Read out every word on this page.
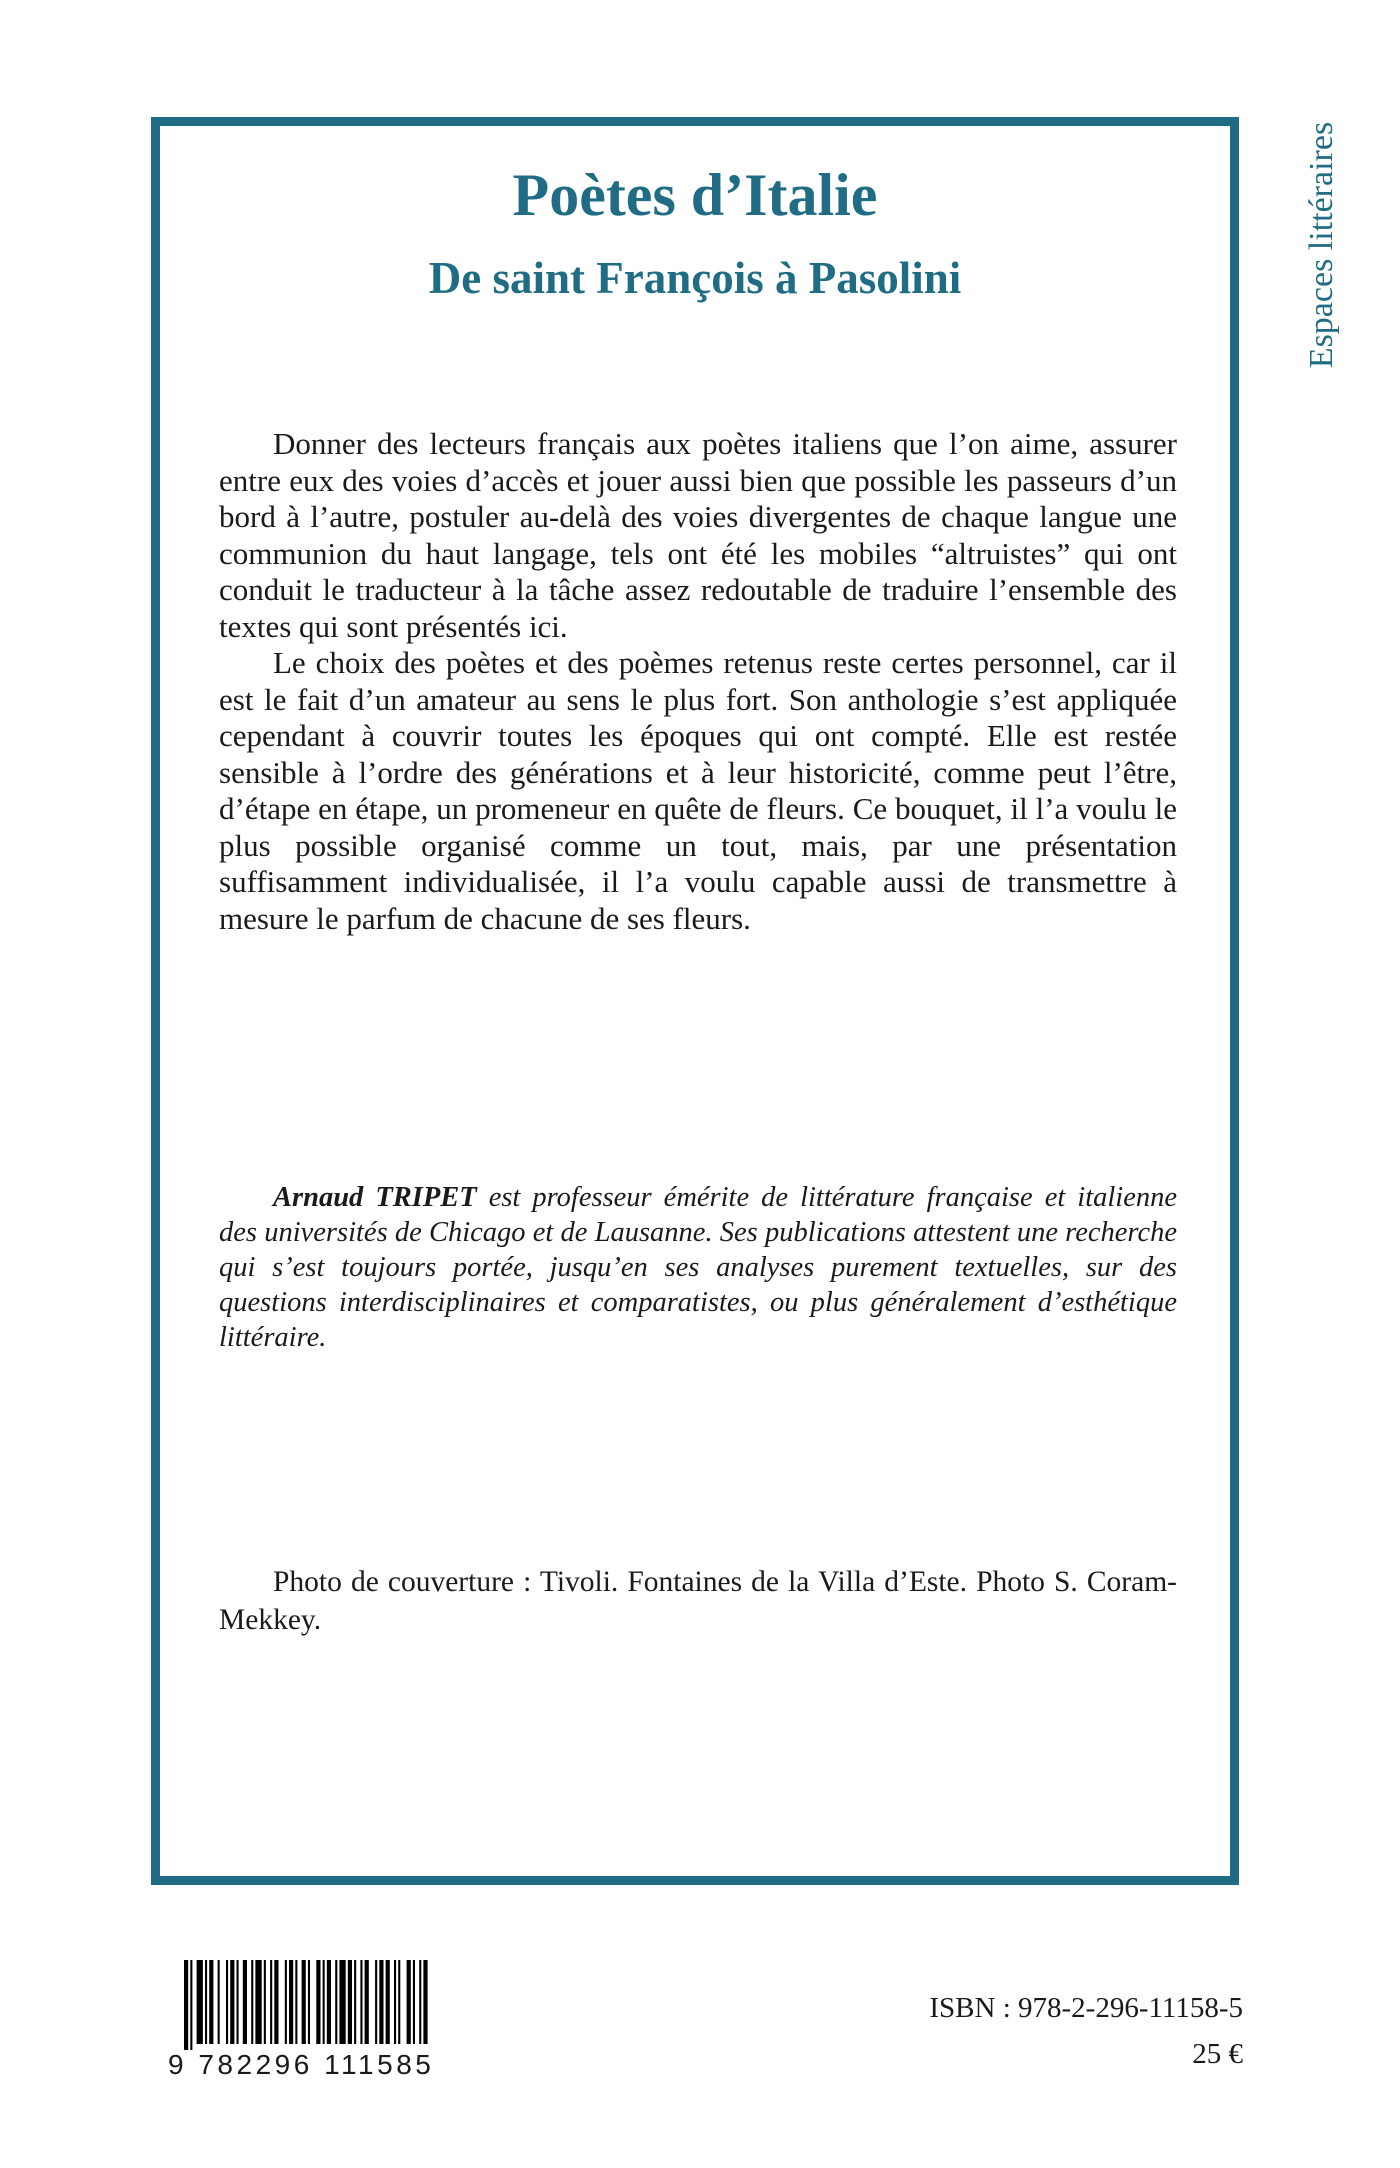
Poètes d’Italie
De saint François à Pasolini	Espaces littéraires

Donner des lecteurs français aux poètes italiens que l’on aime, assurer entre eux des voies d’accès et jouer aussi bien que possible les passeurs d’un bord à l’autre, postuler au-delà des voies divergentes de chaque langue une communion du haut langage, tels ont été les mobiles “altruistes” qui ont conduit le traducteur à la tâche assez redoutable de traduire l’ensemble des textes qui sont présentés ici.

Le choix des poètes et des poèmes retenus reste certes personnel, car il est le fait d’un amateur au sens le plus fort. Son anthologie s’est appliquée cependant à couvrir toutes les époques qui ont compté. Elle est restée sensible à l’ordre des générations et à leur historicité, comme peut l’être, d’étape en étape, un promeneur en quête de fleurs. Ce bouquet, il l’a voulu le plus possible organisé comme un tout, mais, par une présentation suffisamment individualisée, il l’a voulu capable aussi de transmettre à mesure le parfum de chacune de ses fleurs.

Arnaud TRIPET est professeur émérite de littérature française et italienne des universités de Chicago et de Lausanne. Ses publications attestent une recherche qui s’est toujours portée, jusqu’en ses analyses purement textuelles, sur des questions interdisciplinaires et comparatistes, ou plus généralement d’esthétique littéraire.

Photo de couverture : Tivoli. Fontaines de la Villa d’Este. Photo S. Coram-Mekkey.

9 782296 111585
ISBN : 978-2-296-11158-5
25 €
